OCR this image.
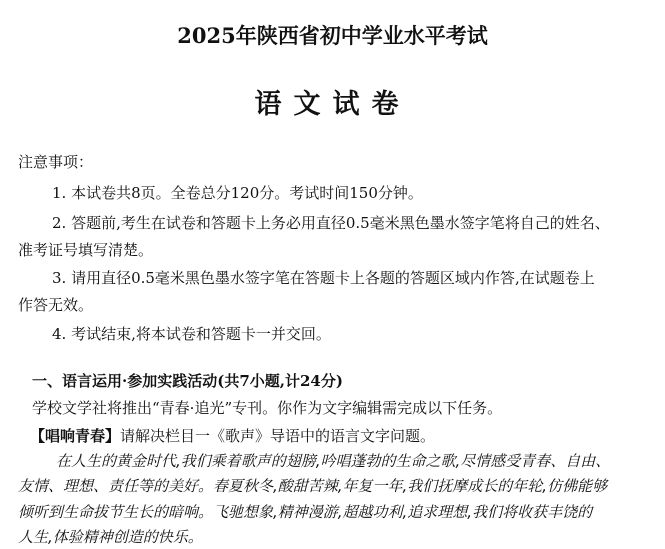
2025年陕西省初中学业水平考试
语文试卷
注意事项：
1. 本试卷共8页。全卷总分120分。考试时间150分钟。
2. 答题前,考生在试卷和答题卡上务必用直径0.5毫米黑色墨水签字笔将自己的姓名、
准考证号填写清楚。
3. 请用直径0.5毫米黑色墨水签字笔在答题卡上各题的答题区域内作答,在试题卷上
作答无效。
4. 考试结束,将本试卷和答题卡一并交回。
一、语言运用·参加实践活动(共7小题,计24分)
学校文学社将推出“青春·追光”专刊。你作为文字编辑需完成以下任务。
【唱响青春】请解决栏目一《歌声》导语中的语言文字问题。
在人生的黄金时代,我们乘着歌声的翅膀,吟唱蓬勃的生命之歌,尽情感受青春、自由、
友情、理想、责任等的美好。春夏秋冬,酸甜苦辣,年复一年,我们抚摩成长的年轮,仿佛能够
倾听到生命拔节生长的暗响。飞驰想象,精神漫游,超越功利,追求理想,我们将收获丰饶的
人生,体验精神创造的快乐。
